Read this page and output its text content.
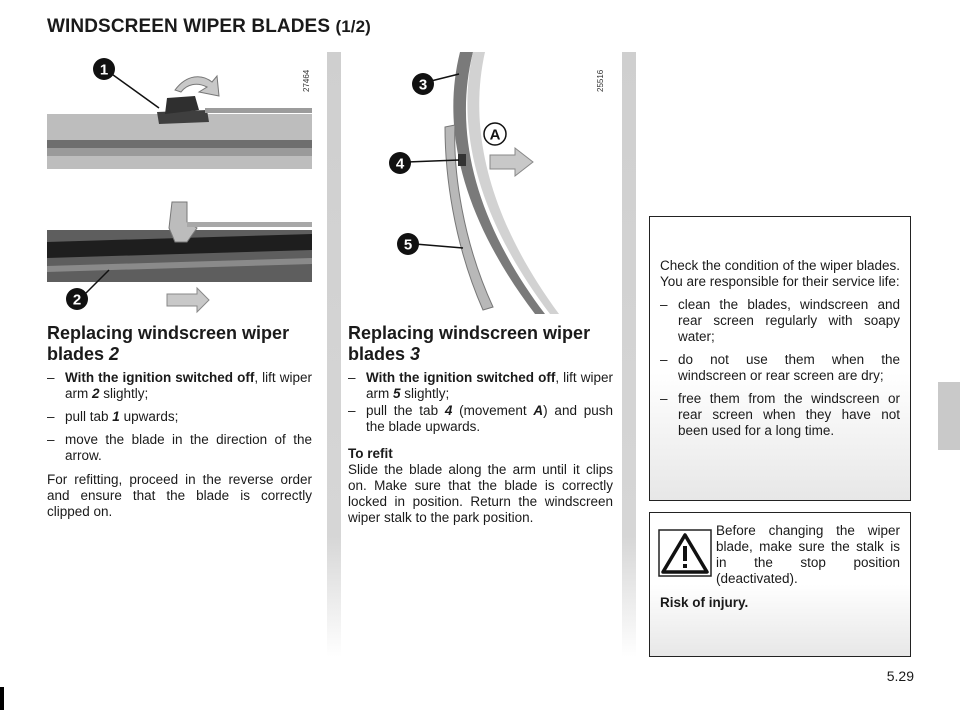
WINDSCREEN WIPER BLADES (1/2)
1
2
27464	3
A
4
5
25516
Replacing windscreen wiper blades 2
– With the ignition switched off, lift wiper arm 2 slightly;
– pull tab 1 upwards;
– move the blade in the direction of the arrow.

For refitting, proceed in the reverse order and ensure that the blade is correctly clipped on.

Replacing windscreen wiper blades 3
– With the ignition switched off, lift wiper arm 5 slightly;
– pull the tab 4 (movement A) and push the blade upwards.
To refit

Slide the blade along the arm until it clips on. Make sure that the blade is correctly locked in position. Return the windscreen wiper stalk to the park position.

Check the condition of the wiper blades. You are responsible for their service life:

– clean the blades, windscreen and rear screen regularly with soapy water;
– do not use them when the windscreen or rear screen are dry;
– free them from the windscreen or rear screen when they have not been used for a long time.

Before changing the wiper blade, make sure the stalk is in the stop position (deactivated).

Risk of injury.

5.29
